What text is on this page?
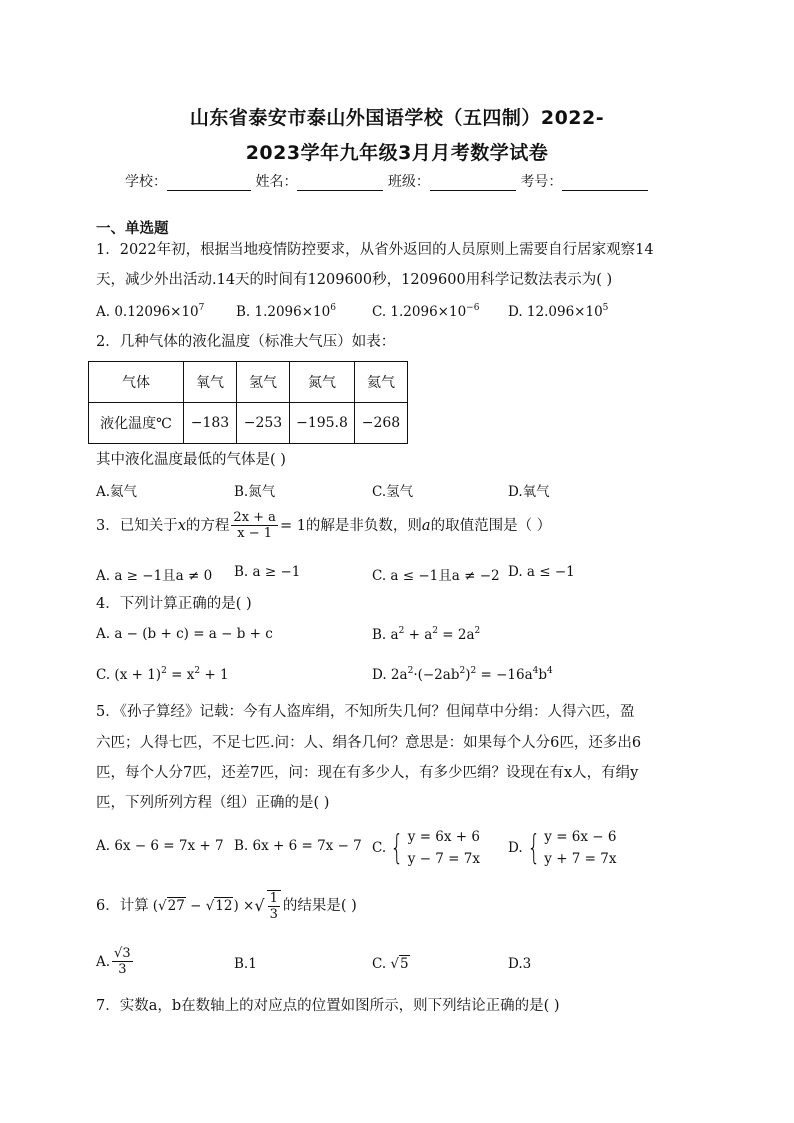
山东省泰安市泰山外国语学校（五四制）2022-
2023学年九年级3月月考数学试卷
学校：	姓名：	班级：	考号：
一、单选题
1．2022年初，根据当地疫情防控要求，从省外返回的人员原则上需要自行居家观察14
天，减少外出活动.14天的时间有1209600秒，1209600用科学记数法表示为( )
A. $0.12096\times 10^7$ B. $1.2096\times 10^6$	C. $1.2096\times 10^{-6}$ D. $12.096\times 10^5$
2．几种气体的液化温度（标准大气压）如表：
气体	氧气	氢气	氮气	氦气
液化温度℃	−183	−253	−195.8	−268
其中液化温度最低的气体是( )
A.氦气	B.氮气	C.氢气	D.氧气
3．已知关于 x 的方程 $\frac{2x + a}{x - 1} = 1$的解是非负数，则 a 的取值范围是（ ）
A. a ≥ −1且a ≠ 0 B. a ≥ −1	C. a ≤ −1且a ≠ −2 D. a ≤ −1
4．下列计算正确的是( )
A. a − (b + c) = a − b + c	B. $a^2 + a^2 = 2a^2$
C. $(x + 1)^2 = x^2 + 1$	D. $2a^2\cdot(-2ab^2)^2 = -16a^4b^4$
5．《孙子算经》记载：今有人盗库绢，不知所失几何？但闻草中分绢：人得六匹，盈
六匹；人得七匹，不足七匹.问：人、绢各几何？意思是：如果每个人分6匹，还多出6
匹，每个人分7匹，还差7匹，问：现在有多少人，有多少匹绢？设现在有x人，有绢y
匹，下列所列方程（组）正确的是( )
A. 6x − 6 = 7x + 7 B. 6x + 6 = 7x − 7 C. { y = 6x + 6
y − 7 = 7x
D. { y = 6x − 6
y + 7 = 7x
6．计算 (√27 − √12) × √ $\frac{1}{3}$ 的结果是( )
A. $\frac{√3}{3}$	B.1	C. √5	D.3
7．实数a，b在数轴上的对应点的位置如图所示，则下列结论正确的是( )
